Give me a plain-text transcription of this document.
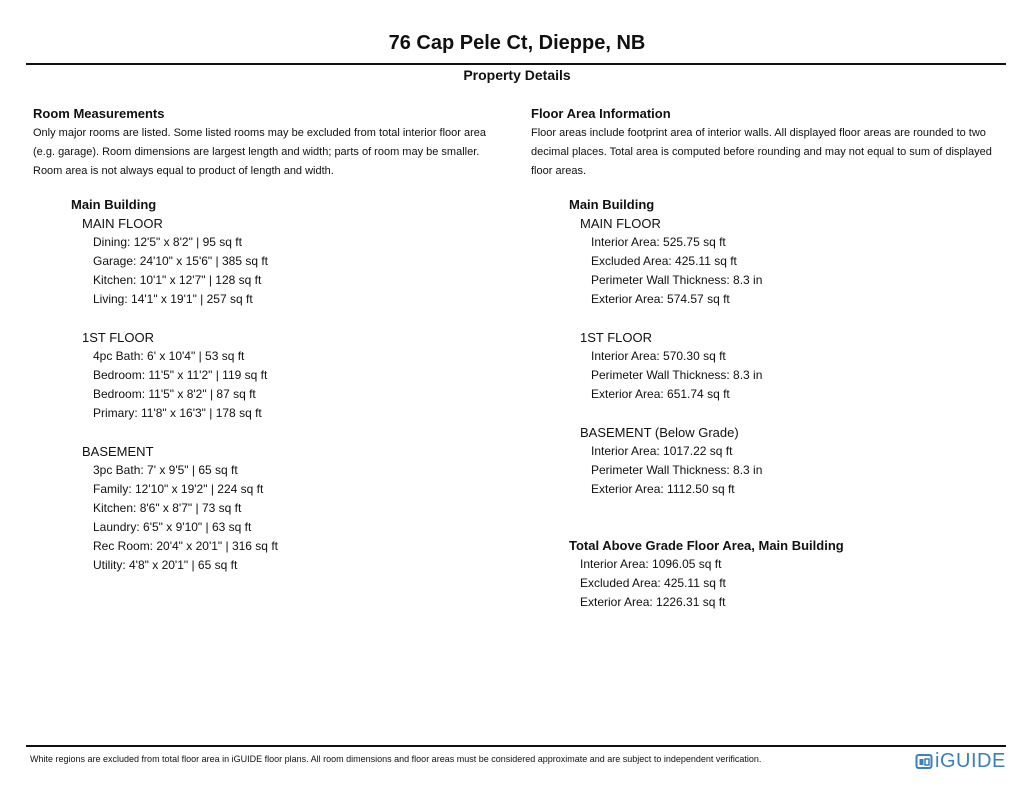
76 Cap Pele Ct, Dieppe, NB
Property Details
Room Measurements
Only major rooms are listed. Some listed rooms may be excluded from total interior floor area
(e.g. garage). Room dimensions are largest length and width; parts of room may be smaller.
Room area is not always equal to product of length and width.
Main Building
MAIN FLOOR
Dining: 12'5" x 8'2" | 95 sq ft
Garage: 24'10" x 15'6" | 385 sq ft
Kitchen: 10'1" x 12'7" | 128 sq ft
Living: 14'1" x 19'1" | 257 sq ft
1ST FLOOR
4pc Bath: 6' x 10'4" | 53 sq ft
Bedroom: 11'5" x 11'2" | 119 sq ft
Bedroom: 11'5" x 8'2" | 87 sq ft
Primary: 11'8" x 16'3" | 178 sq ft
BASEMENT
3pc Bath: 7' x 9'5" | 65 sq ft
Family: 12'10" x 19'2" | 224 sq ft
Kitchen: 8'6" x 8'7" | 73 sq ft
Laundry: 6'5" x 9'10" | 63 sq ft
Rec Room: 20'4" x 20'1" | 316 sq ft
Utility: 4'8" x 20'1" | 65 sq ft
Floor Area Information
Floor areas include footprint area of interior walls. All displayed floor areas are rounded to two
decimal places. Total area is computed before rounding and may not equal to sum of displayed
floor areas.
Main Building
MAIN FLOOR
Interior Area: 525.75 sq ft
Excluded Area: 425.11 sq ft
Perimeter Wall Thickness: 8.3 in
Exterior Area: 574.57 sq ft
1ST FLOOR
Interior Area: 570.30 sq ft
Perimeter Wall Thickness: 8.3 in
Exterior Area: 651.74 sq ft
BASEMENT (Below Grade)
Interior Area: 1017.22 sq ft
Perimeter Wall Thickness: 8.3 in
Exterior Area: 1112.50 sq ft
Total Above Grade Floor Area, Main Building
Interior Area: 1096.05 sq ft
Excluded Area: 425.11 sq ft
Exterior Area: 1226.31 sq ft
White regions are excluded from total floor area in iGUIDE floor plans. All room dimensions and floor areas must be considered approximate and are subject to independent verification.	iGUIDE
